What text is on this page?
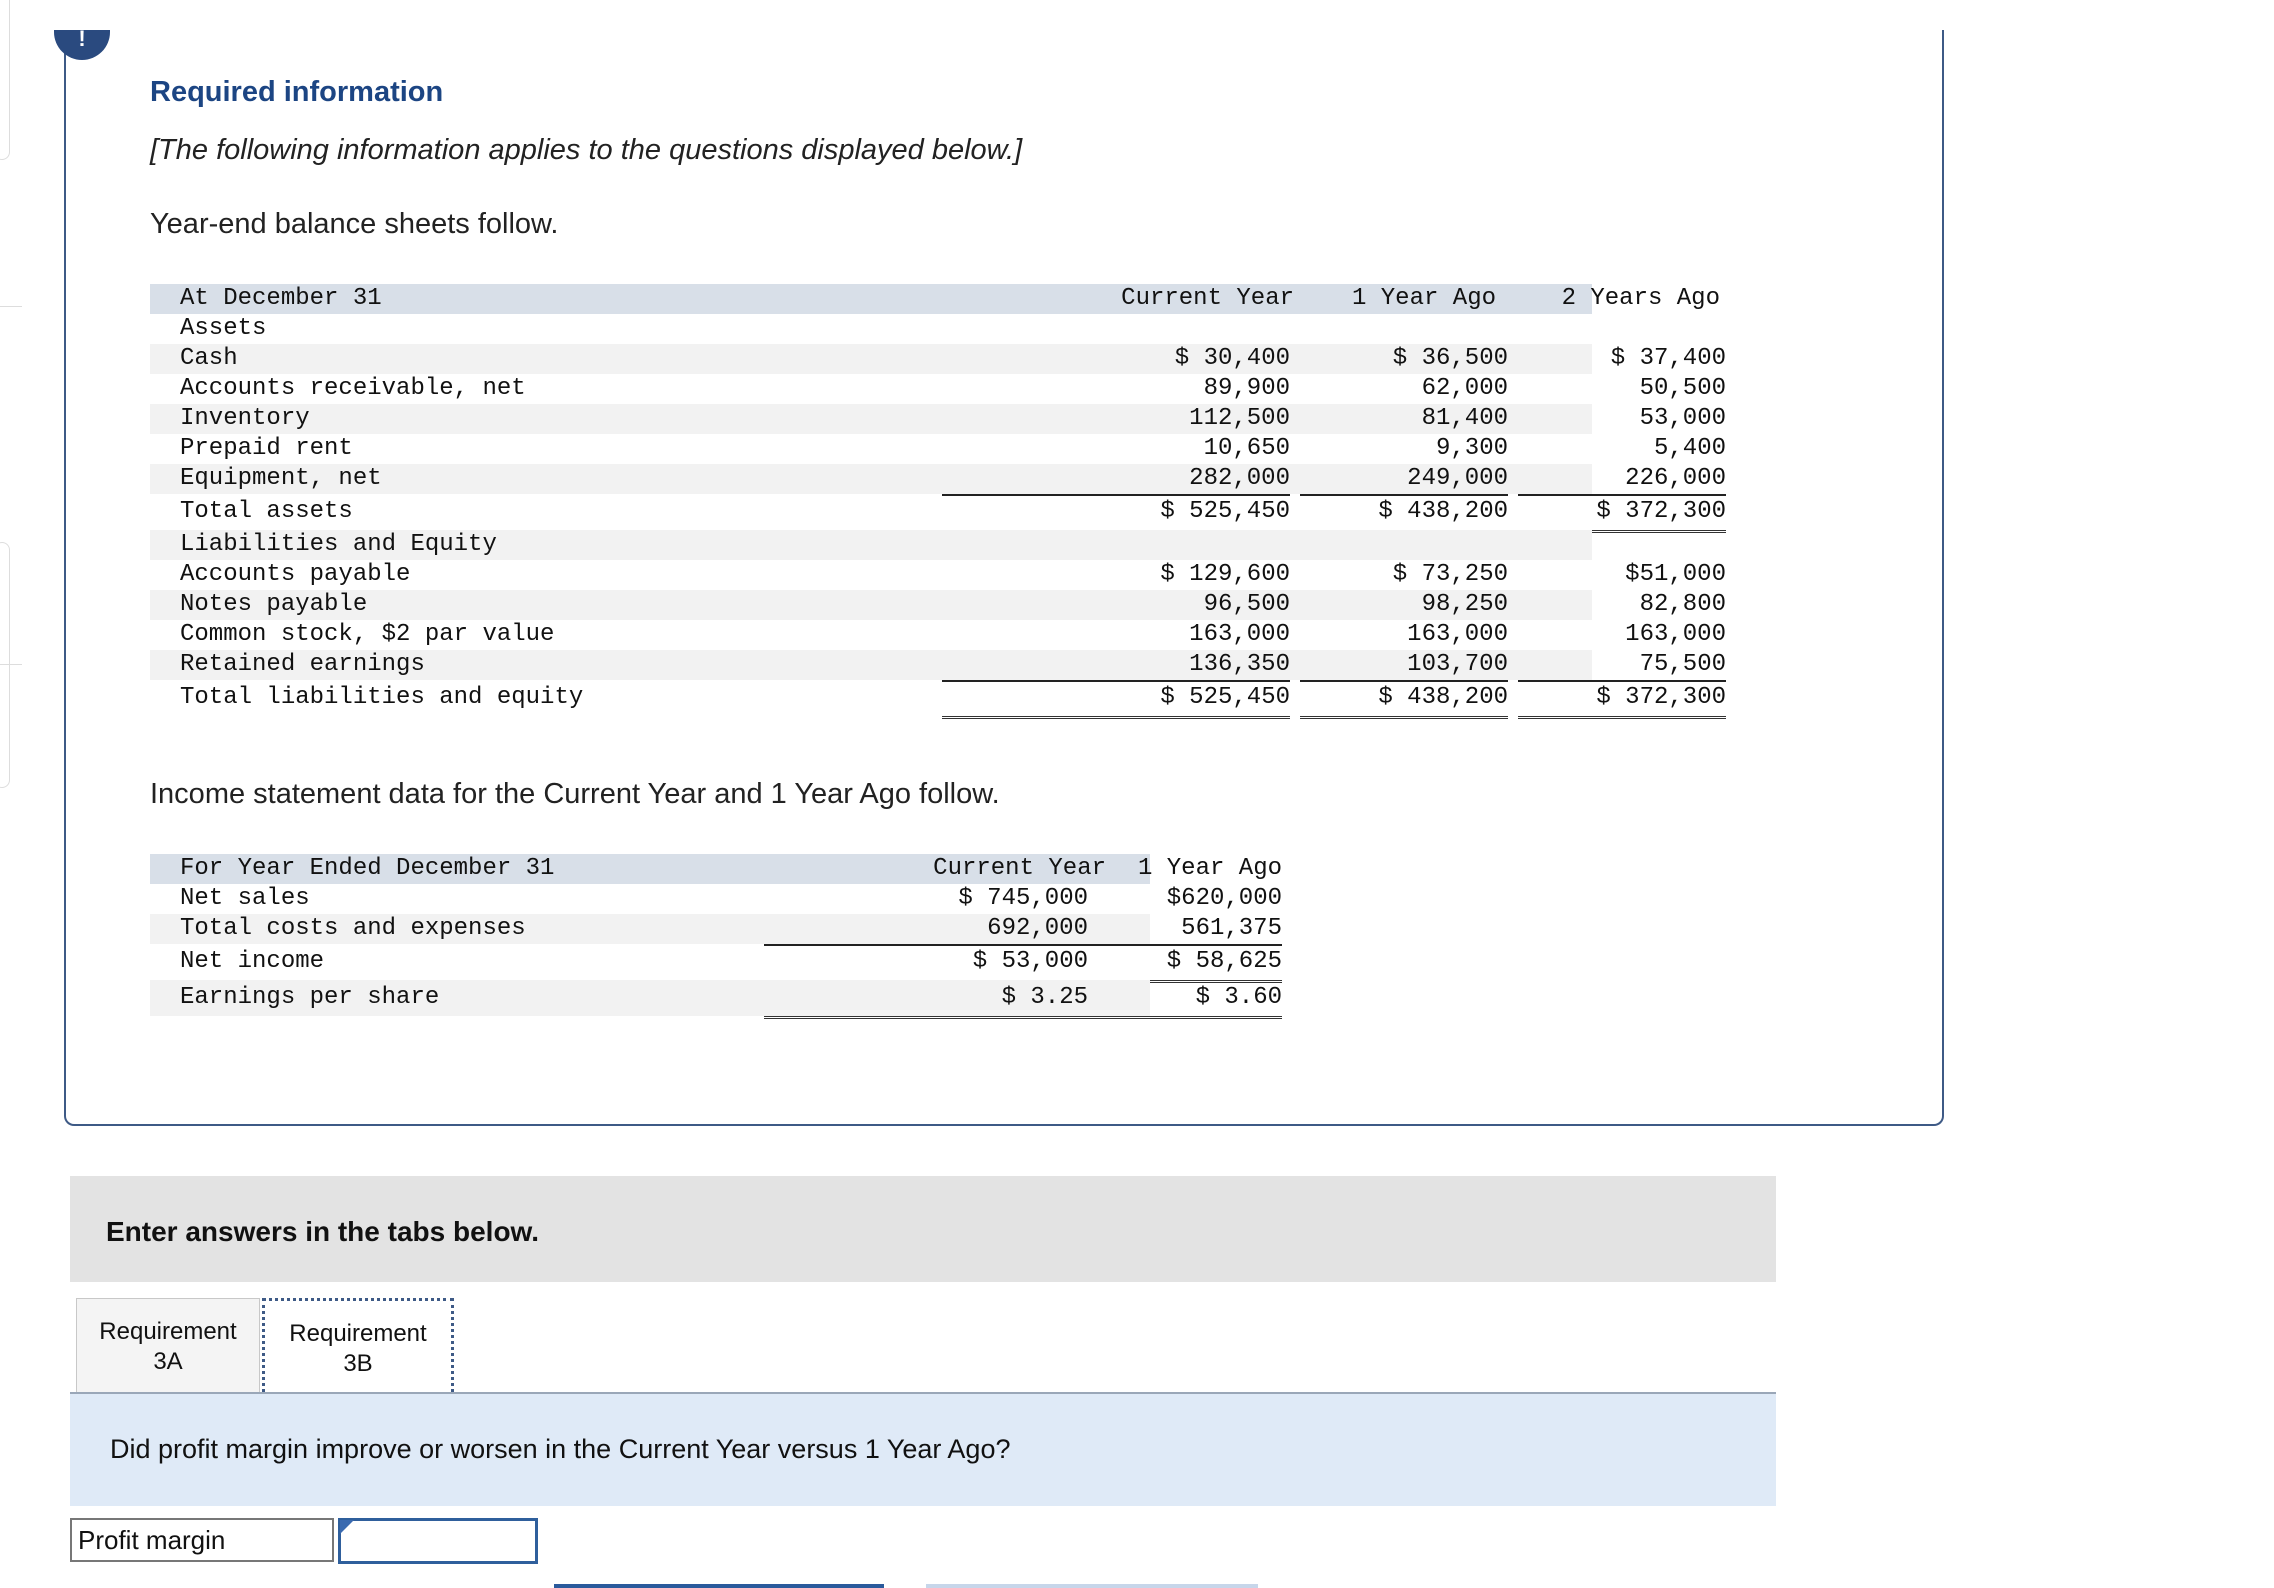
!
Required information
[The following information applies to the questions displayed below.]
Year-end balance sheets follow.
At December 31	Current Year	1 Year Ago	2 Years Ago
Assets
Cash	$ 30,400	$ 36,500	$ 37,400
Accounts receivable, net	89,900	62,000	50,500
Inventory	112,500	81,400	53,000
Prepaid rent	10,650	9,300	5,400
Equipment, net	282,000	249,000	226,000
Total assets	$ 525,450	$ 438,200	$ 372,300
Liabilities and Equity
Accounts payable	$ 129,600	$ 73,250	$51,000
Notes payable	96,500	98,250	82,800
Common stock, $2 par value	163,000	163,000	163,000
Retained earnings	136,350	103,700	75,500
Total liabilities and equity	$ 525,450	$ 438,200	$ 372,300
Income statement data for the Current Year and 1 Year Ago follow.
For Year Ended December 31	Current Year	1 Year Ago
Net sales	$ 745,000	$620,000
Total costs and expenses	692,000	561,375
Net income	$ 53,000	$ 58,625
Earnings per share	$ 3.25	$ 3.60
Enter answers in the tabs below.
Requirement
3A
Requirement
3B
Did profit margin improve or worsen in the Current Year versus 1 Year Ago?
Profit margin
